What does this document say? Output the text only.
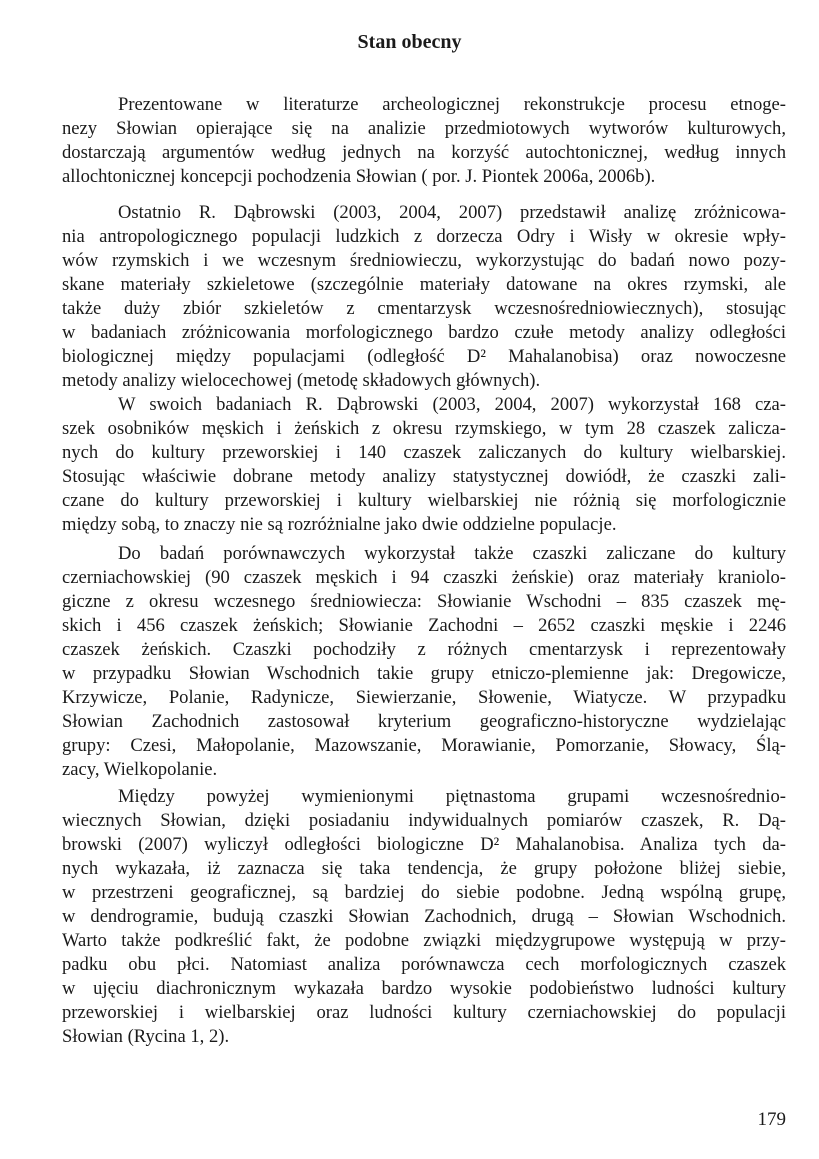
Stan obecny
Prezentowane w literaturze archeologicznej rekonstrukcje procesu etnoge-
nezy Słowian opierające się na analizie przedmiotowych wytworów kulturowych,
dostarczają argumentów według jednych na korzyść autochtonicznej, według innych
allochtonicznej koncepcji pochodzenia Słowian ( por. J. Piontek 2006a, 2006b).
Ostatnio R. Dąbrowski (2003, 2004, 2007) przedstawił analizę zróżnicowa-
nia antropologicznego populacji ludzkich z dorzecza Odry i Wisły w okresie wpły-
wów rzymskich i we wczesnym średniowieczu, wykorzystując do badań nowo pozy-
skane materiały szkieletowe (szczególnie materiały datowane na okres rzymski, ale
także duży zbiór szkieletów z cmentarzysk wczesnośredniowiecznych), stosując
w badaniach zróżnicowania morfologicznego bardzo czułe metody analizy odległości
biologicznej między populacjami (odległość D² Mahalanobisa) oraz nowoczesne
metody analizy wielocechowej (metodę składowych głównych).
W swoich badaniach R. Dąbrowski (2003, 2004, 2007) wykorzystał 168 cza-
szek osobników męskich i żeńskich z okresu rzymskiego, w tym 28 czaszek zalicza-
nych do kultury przeworskiej i 140 czaszek zaliczanych do kultury wielbarskiej.
Stosując właściwie dobrane metody analizy statystycznej dowiódł, że czaszki zali-
czane do kultury przeworskiej i kultury wielbarskiej nie różnią się morfologicznie
między sobą, to znaczy nie są rozróżnialne jako dwie oddzielne populacje.
Do badań porównawczych wykorzystał także czaszki zaliczane do kultury
czerniachowskiej (90 czaszek męskich i 94 czaszki żeńskie) oraz materiały kraniolo-
giczne z okresu wczesnego średniowiecza: Słowianie Wschodni – 835 czaszek mę-
skich i 456 czaszek żeńskich; Słowianie Zachodni – 2652 czaszki męskie i 2246
czaszek żeńskich. Czaszki pochodziły z różnych cmentarzysk i reprezentowały
w przypadku Słowian Wschodnich takie grupy etniczo-plemienne jak: Dregowicze,
Krzywicze, Polanie, Radynicze, Siewierzanie, Słowenie, Wiatycze. W przypadku
Słowian Zachodnich zastosował kryterium geograficzno-historyczne wydzielając
grupy: Czesi, Małopolanie, Mazowszanie, Morawianie, Pomorzanie, Słowacy, Ślą-
zacy, Wielkopolanie.
Między powyżej wymienionymi piętnastoma grupami wczesnośrednio-
wiecznych Słowian, dzięki posiadaniu indywidualnych pomiarów czaszek, R. Dą-
browski (2007) wyliczył odległości biologiczne D² Mahalanobisa. Analiza tych da-
nych wykazała, iż zaznacza się taka tendencja, że grupy położone bliżej siebie,
w przestrzeni geograficznej, są bardziej do siebie podobne. Jedną wspólną grupę,
w dendrogramie, budują czaszki Słowian Zachodnich, drugą – Słowian Wschodnich.
Warto także podkreślić fakt, że podobne związki międzygrupowe występują w przy-
padku obu płci. Natomiast analiza porównawcza cech morfologicznych czaszek
w ujęciu diachronicznym wykazała bardzo wysokie podobieństwo ludności kultury
przeworskiej i wielbarskiej oraz ludności kultury czerniachowskiej do populacji
Słowian (Rycina 1, 2).
179
